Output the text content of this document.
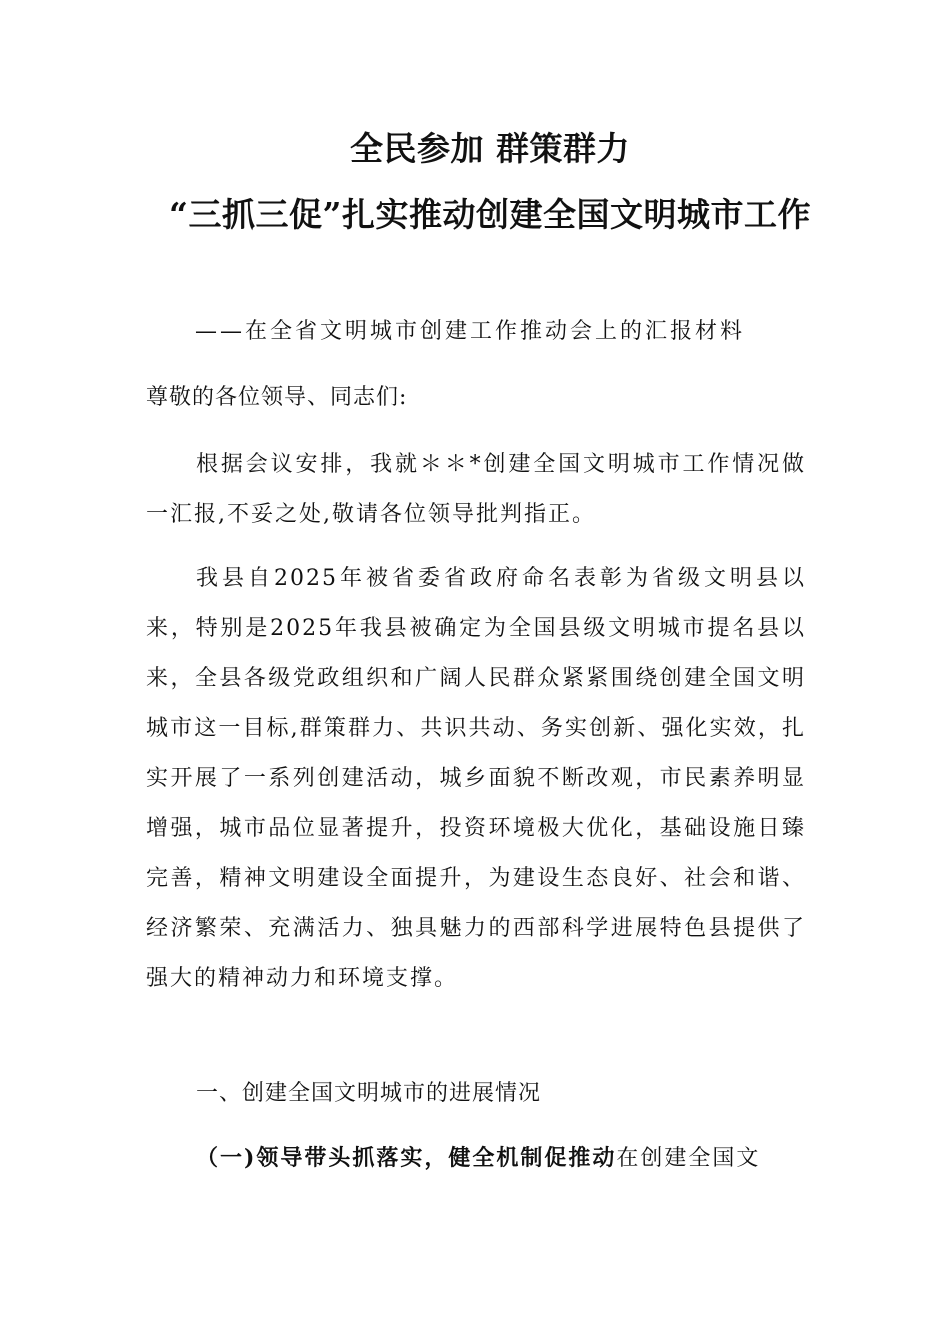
全民参加 群策群力
“三抓三促”扎实推动创建全国文明城市工作

——在全省文明城市创建工作推动会上的汇报材料

尊敬的各位领导、同志们:

根据会议安排，我就＊＊*创建全国文明城市工作情况做一汇报,不妥之处,敬请各位领导批判指正。

我县自2025年被省委省政府命名表彰为省级文明县以来，特别是2025年我县被确定为全国县级文明城市提名县以来，全县各级党政组织和广阔人民群众紧紧围绕创建全国文明城市这一目标,群策群力、共识共动、务实创新、强化实效，扎实开展了一系列创建活动，城乡面貌不断改观，市民素养明显增强，城市品位显著提升，投资环境极大优化，基础设施日臻完善，精神文明建设全面提升，为建设生态良好、社会和谐、经济繁荣、充满活力、独具魅力的西部科学进展特色县提供了强大的精神动力和环境支撑。

一、创建全国文明城市的进展情况

（一)领导带头抓落实，健全机制促推动在创建全国文
